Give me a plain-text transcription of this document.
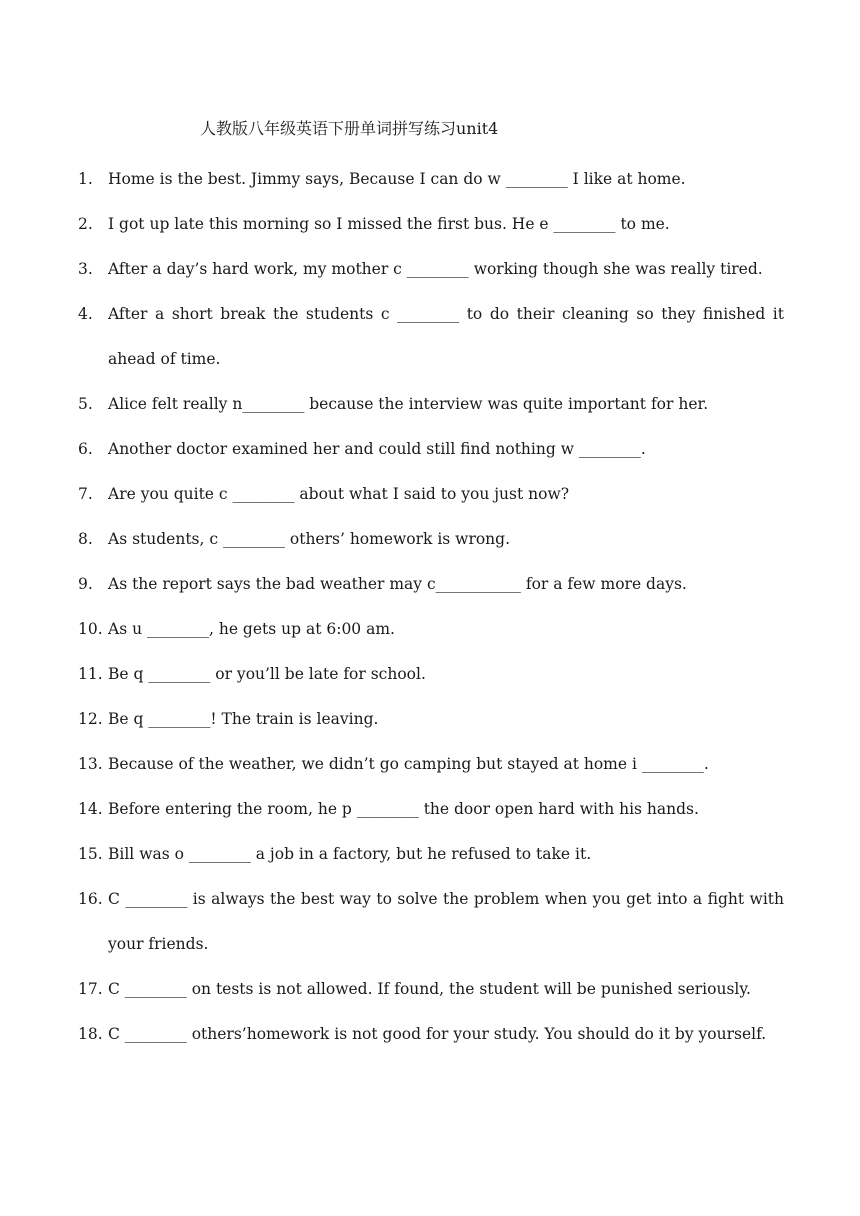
人教版八年级英语下册单词拼写练习unit4
1. Home is the best. Jimmy says, Because I can do w ________ I like at home.
2. I got up late this morning so I missed the first bus. He e ________ to me.
3. After a day’s hard work, my mother c ________ working though she was really tired.
4. After a short break the students c ________ to do their cleaning so they finished it ahead of time.
5. Alice felt really n________ because the interview was quite important for her.
6. Another doctor examined her and could still find nothing w ________.
7. Are you quite c ________ about what I said to you just now?
8. As students, c ________ others’ homework is wrong.
9. As the report says the bad weather may c___________ for a few more days.
10. As u ________, he gets up at 6:00 am.
11. Be q ________ or you’ll be late for school.
12. Be q ________! The train is leaving.
13. Because of the weather, we didn’t go camping but stayed at home i ________.
14. Before entering the room, he p ________ the door open hard with his hands.
15. Bill was o ________ a job in a factory, but he refused to take it.
16. C ________ is always the best way to solve the problem when you get into a fight with your friends.
17. C ________ on tests is not allowed. If found, the student will be punished seriously.
18. C ________ others’homework is not good for your study. You should do it by yourself.
